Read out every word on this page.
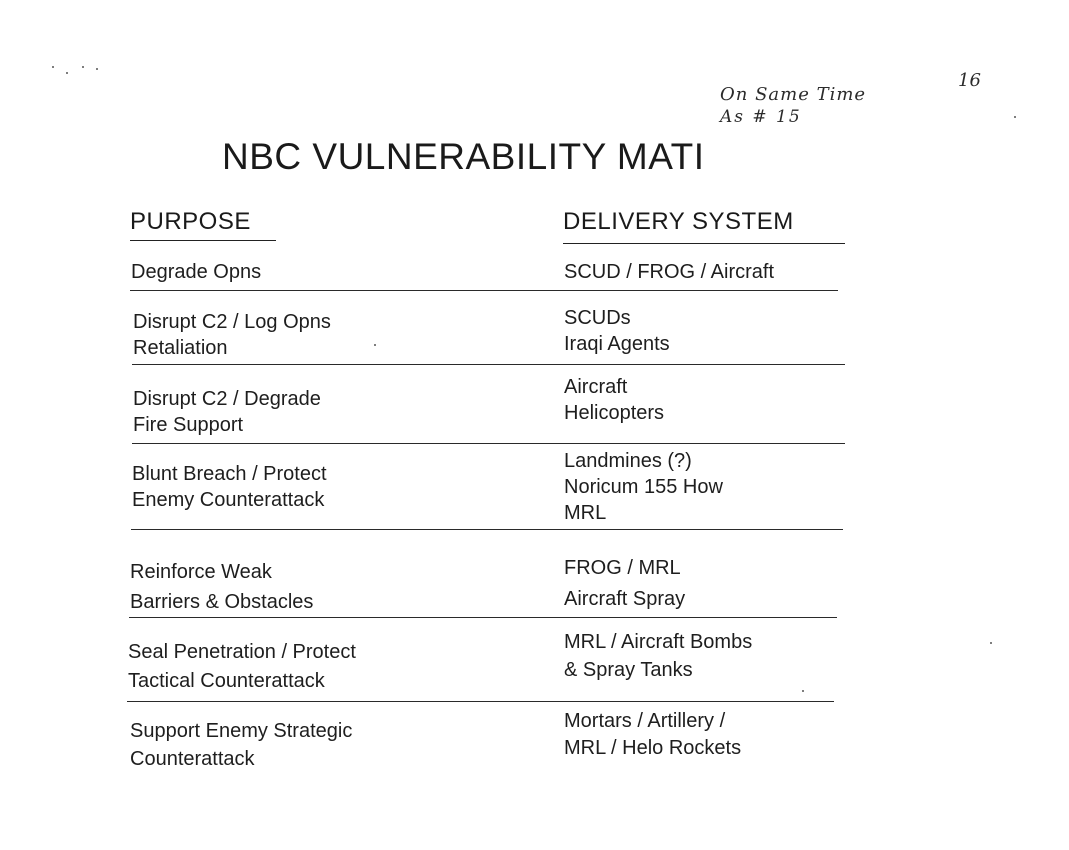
On Same Time
As # 15
16
NBC VULNERABILITY MATI
PURPOSE	DELIVERY SYSTEM
Degrade Opns	SCUD / FROG / Aircraft
Disrupt C2 / Log Opns
Retaliation
SCUDs
Iraqi Agents
Disrupt C2 / Degrade
Fire Support
Aircraft
Helicopters
Blunt Breach / Protect
Enemy Counterattack
Landmines (?)
Noricum 155 How
MRL
Reinforce Weak
Barriers & Obstacles
FROG / MRL
Aircraft Spray
Seal Penetration / Protect
Tactical Counterattack
MRL / Aircraft Bombs
& Spray Tanks
Support Enemy Strategic
Counterattack
Mortars / Artillery /
MRL / Helo Rockets
